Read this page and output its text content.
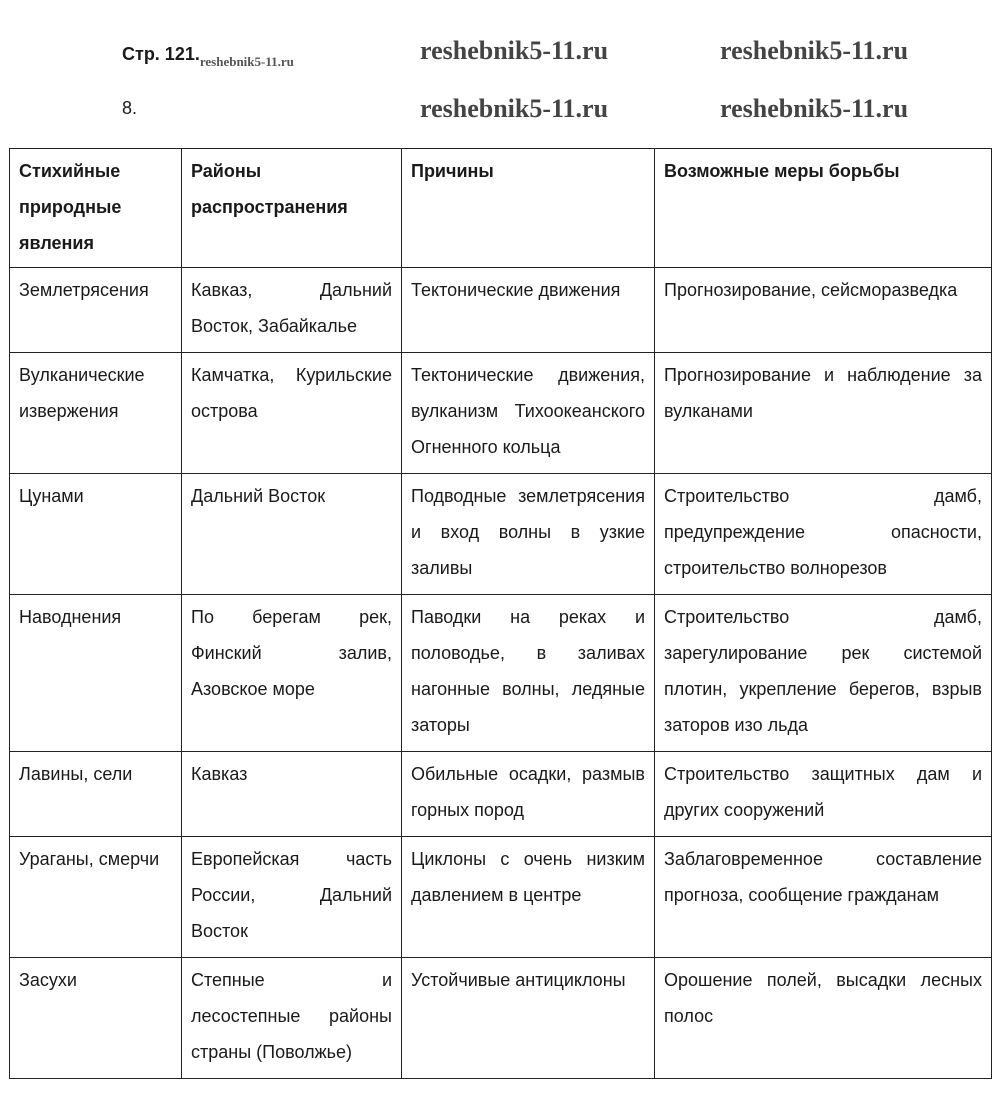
Стр. $121._{reshebnik5-11.ru}$
8.
Стихийные природные явления	Районы распространения	Причины	Возможные меры борьбы
Землетрясения	Кавказ, Дальний Восток, Забайкалье	Тектонические движения	Прогнозирование, сейсморазведка
Вулканические извержения	Камчатка, Курильские острова	Тектонические движения, вулканизм Тихоокеанского Огненного кольца	Прогнозирование и наблюдение за вулканами
Цунами	Дальний Восток	Подводные землетрясения и вход волны в узкие заливы	Строительство дамб, предупреждение опасности, строительство волнорезов
Наводнения	По берегам рек, Финский залив, Азовское море	Паводки на реках и половодье, в заливах нагонные волны, ледяные заторы	Строительство дамб, зарегулирование рек системой плотин, укрепление берегов, взрыв заторов изо льда
Лавины, сели	Кавказ	Обильные осадки, размыв горных пород	Строительство защитных дам и других сооружений
Ураганы, смерчи	Европейская часть России, Дальний Восток	Циклоны с очень низким давлением в центре	Заблаговременное составление прогноза, сообщение гражданам
Засухи	Степные и лесостепные районы страны (Поволжье)	Устойчивые антициклоны	Орошение полей, высадки лесных полос
reshebnik5-11.ru	reshebnik5-11.ru
reshebnik5-11.ru	reshebnik5-11.ru
